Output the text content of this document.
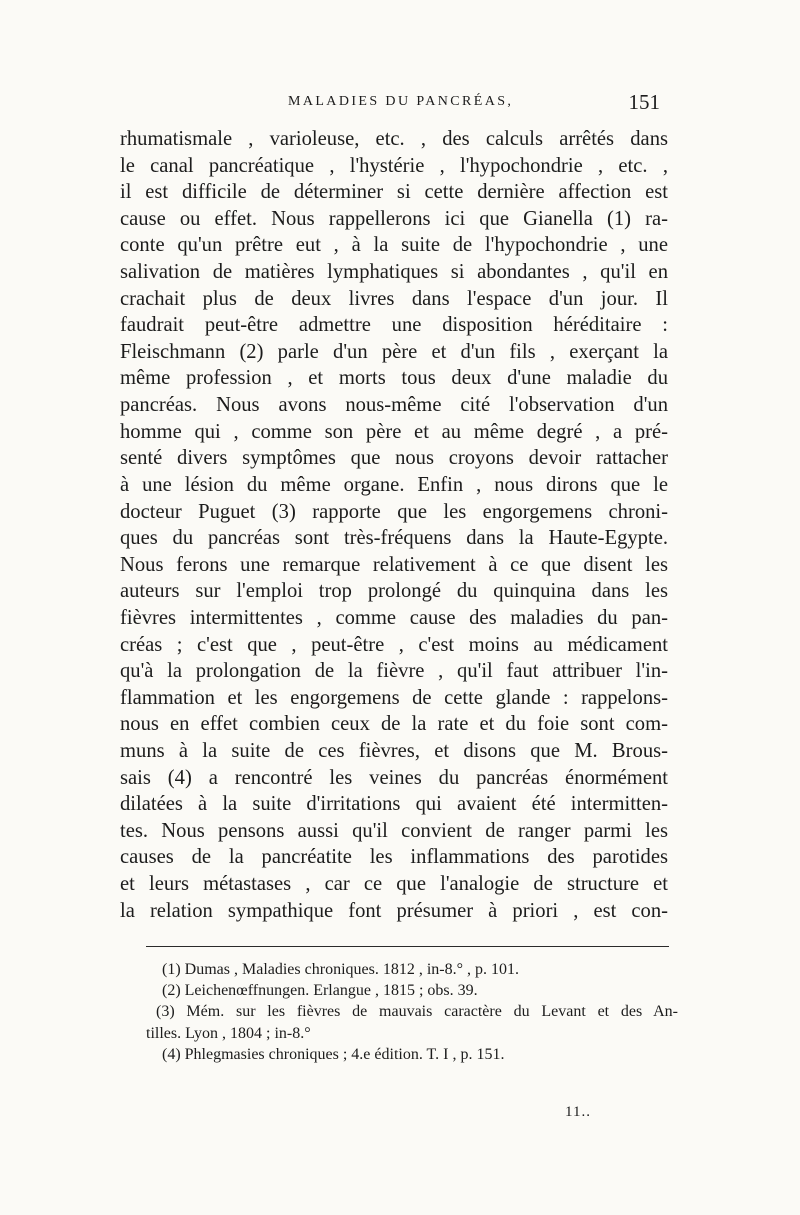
MALADIES DU PANCRÉAS,	151
rhumatismale , varioleuse, etc. , des calculs arrêtés dans
le canal pancréatique , l'hystérie , l'hypochondrie , etc. ,
il est difficile de déterminer si cette dernière affection est
cause ou effet. Nous rappellerons ici que Gianella (1) ra-
conte qu'un prêtre eut , à la suite de l'hypochondrie , une
salivation de matières lymphatiques si abondantes , qu'il en
crachait plus de deux livres dans l'espace d'un jour. Il
faudrait peut-être admettre une disposition héréditaire :
Fleischmann (2) parle d'un père et d'un fils , exerçant la
même profession , et morts tous deux d'une maladie du
pancréas. Nous avons nous-même cité l'observation d'un
homme qui , comme son père et au même degré , a pré-
senté divers symptômes que nous croyons devoir rattacher
à une lésion du même organe. Enfin , nous dirons que le
docteur Puguet (3) rapporte que les engorgemens chroni-
ques du pancréas sont très-fréquens dans la Haute-Egypte.
Nous ferons une remarque relativement à ce que disent les
auteurs sur l'emploi trop prolongé du quinquina dans les
fièvres intermittentes , comme cause des maladies du pan-
créas ; c'est que , peut-être , c'est moins au médicament
qu'à la prolongation de la fièvre , qu'il faut attribuer l'in-
flammation et les engorgemens de cette glande : rappelons-
nous en effet combien ceux de la rate et du foie sont com-
muns à la suite de ces fièvres, et disons que M. Brous-
sais (4) a rencontré les veines du pancréas énormément
dilatées à la suite d'irritations qui avaient été intermitten-
tes. Nous pensons aussi qu'il convient de ranger parmi les
causes de la pancréatite les inflammations des parotides
et leurs métastases , car ce que l'analogie de structure et
la relation sympathique font présumer à priori , est con-
(1) Dumas , Maladies chroniques. 1812 , in-8.° , p. 101.
(2) Leichenœffnungen. Erlangue , 1815 ; obs. 39.
(3) Mém. sur les fièvres de mauvais caractère du Levant et des An-
tilles. Lyon , 1804 ; in-8.°
(4) Phlegmasies chroniques ; 4.e édition. T. I , p. 151.
11..
